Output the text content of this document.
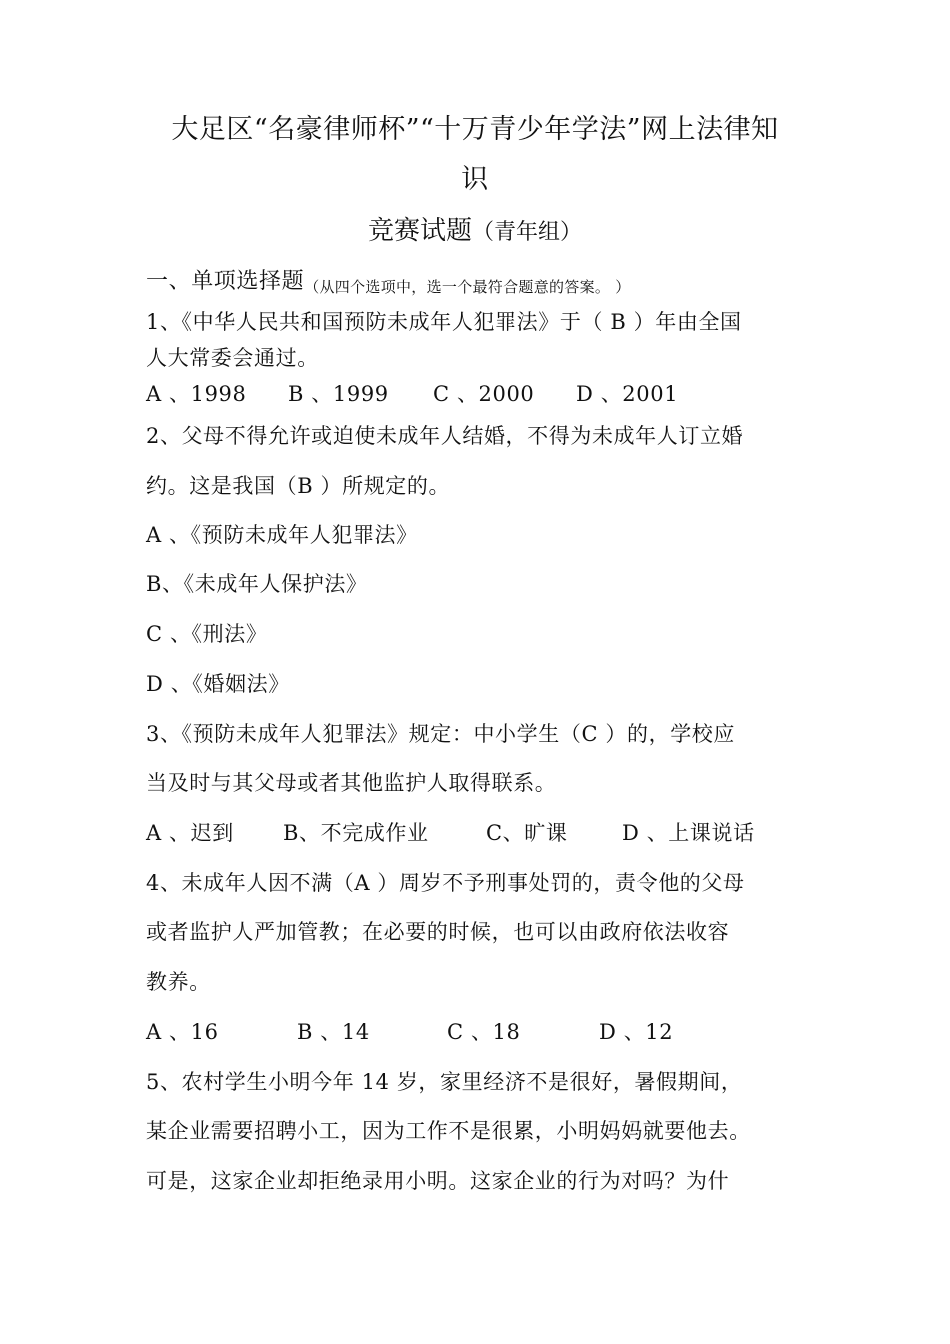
大足区“名豪律师杯”“十万青少年学法”网上法律知
识
竞赛试题（青年组）
一、单项选择题（从四个选项中，选一个最符合题意的答案。 ）
1、《中华人民共和国预防未成年人犯罪法》于（ B ）年由全国
人大常委会通过。
A 、1998	B 、1999	C 、2000	D 、2001
2、父母不得允许或迫使未成年人结婚，不得为未成年人订立婚
约。这是我国（B ）所规定的。
A 、《预防未成年人犯罪法》
B、《未成年人保护法》
C 、《刑法》
D 、《婚姻法》
3、《预防未成年人犯罪法》规定：中小学生（C ）的，学校应
当及时与其父母或者其他监护人取得联系。
A 、迟到	B、不完成作业	C、旷课	D 、上课说话
4、未成年人因不满（A ）周岁不予刑事处罚的，责令他的父母
或者监护人严加管教；在必要的时候，也可以由政府依法收容
教养。
A 、16	B 、14	C 、18	D 、12
5、农村学生小明今年 14 岁，家里经济不是很好，暑假期间，
某企业需要招聘小工，因为工作不是很累，小明妈妈就要他去。
可是，这家企业却拒绝录用小明。这家企业的行为对吗？为什
